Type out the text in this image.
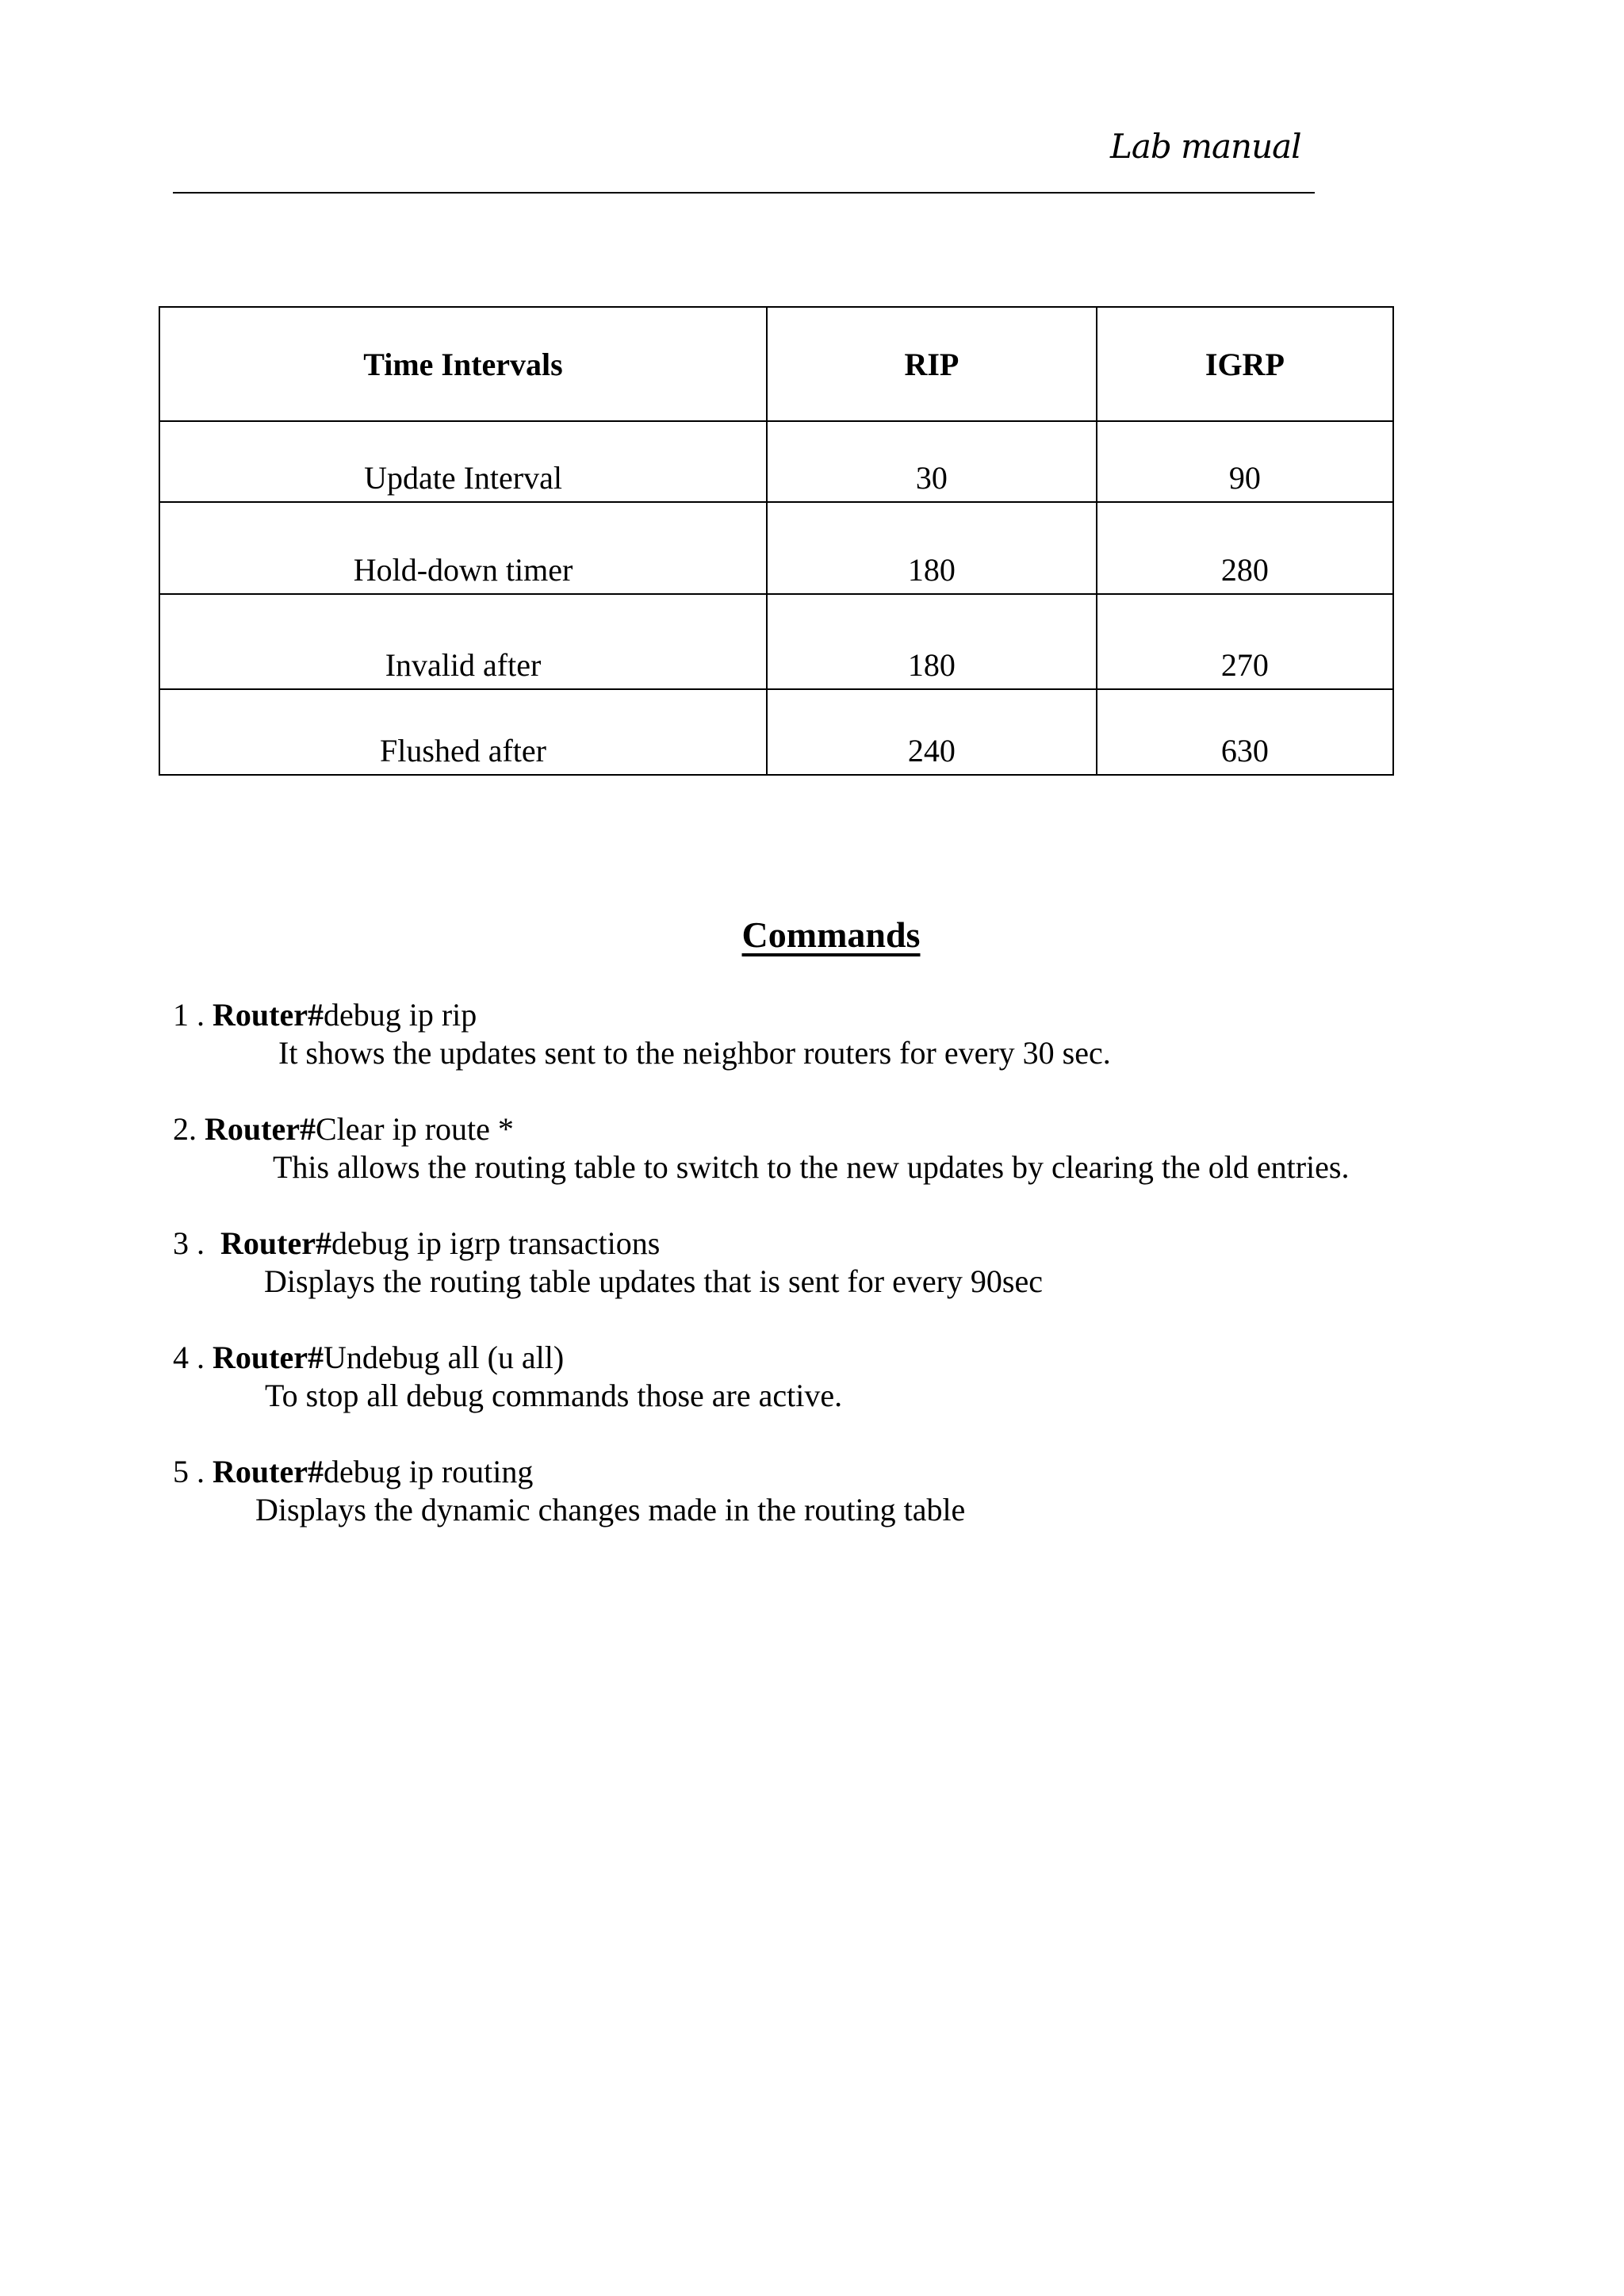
Lab manual
Time Intervals	RIP	IGRP
Update Interval	30	90
Hold-down timer	180	280
Invalid after	180	270
Flushed after	240	630
Commands
1 . Router#debug ip rip
It shows the updates sent to the neighbor routers for every 30 sec.
2. Router#Clear ip route *
This allows the routing table to switch to the new updates by clearing the old entries.
3 .  Router#debug ip igrp transactions
Displays the routing table updates that is sent for every 90sec
4 . Router#Undebug all (u all)
To stop all debug commands those are active.
5 . Router#debug ip routing
Displays the dynamic changes made in the routing table
